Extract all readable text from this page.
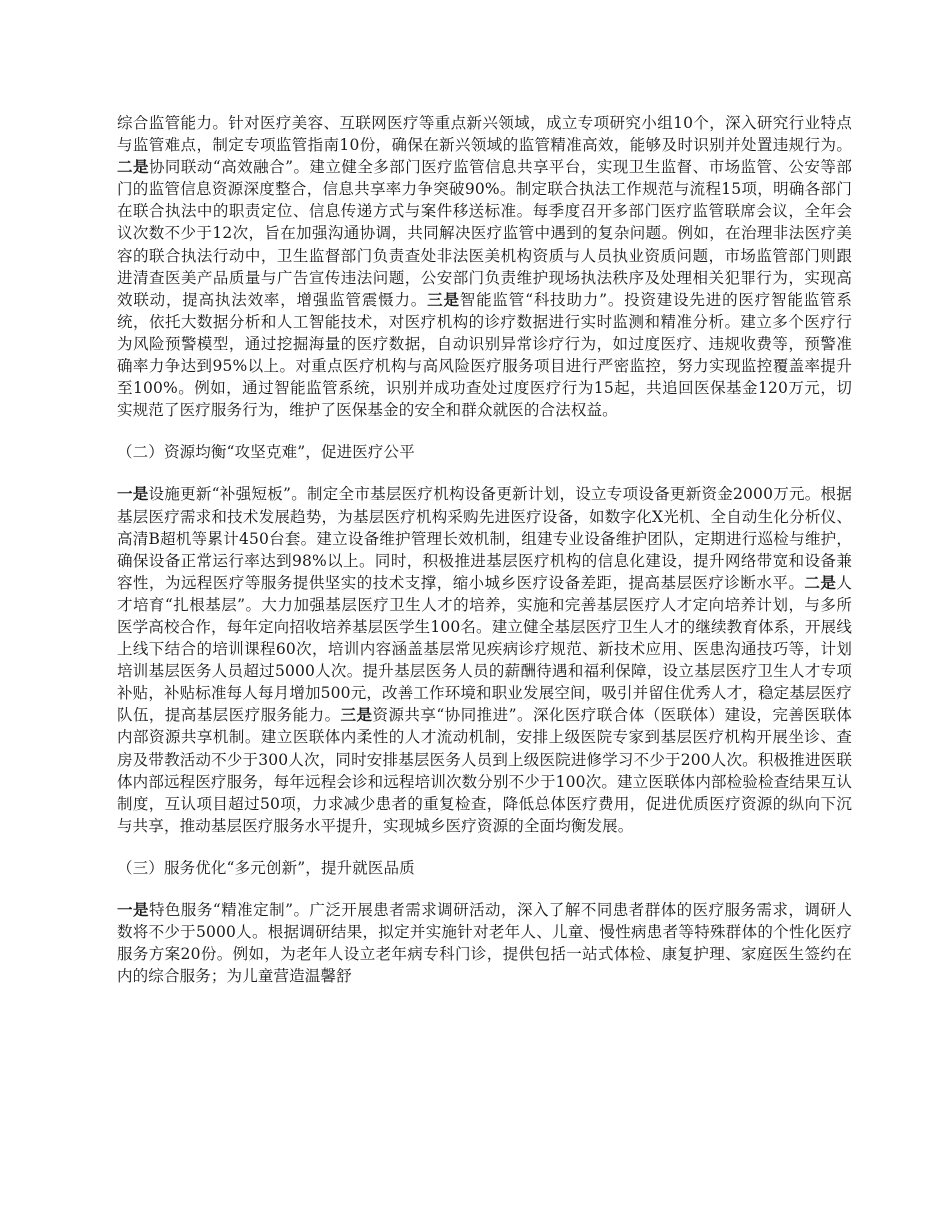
综合监管能力。针对医疗美容、互联网医疗等重点新兴领域，成立专项研究小组10个，深入研究行业特点与监管难点，制定专项监管指南10份，确保在新兴领域的监管精准高效，能够及时识别并处置违规行为。二是协同联动“高效融合”。建立健全多部门医疗监管信息共享平台，实现卫生监督、市场监管、公安等部门的监管信息资源深度整合，信息共享率力争突破90%。制定联合执法工作规范与流程15项，明确各部门在联合执法中的职责定位、信息传递方式与案件移送标准。每季度召开多部门医疗监管联席会议，全年会议次数不少于12次，旨在加强沟通协调，共同解决医疗监管中遇到的复杂问题。例如，在治理非法医疗美容的联合执法行动中，卫生监督部门负责查处非法医美机构资质与人员执业资质问题，市场监管部门则跟进清查医美产品质量与广告宣传违法问题，公安部门负责维护现场执法秩序及处理相关犯罪行为，实现高效联动，提高执法效率，增强监管震慑力。三是智能监管“科技助力”。投资建设先进的医疗智能监管系统，依托大数据分析和人工智能技术，对医疗机构的诊疗数据进行实时监测和精准分析。建立多个医疗行为风险预警模型，通过挖掘海量的医疗数据，自动识别异常诊疗行为，如过度医疗、违规收费等，预警准确率力争达到95%以上。对重点医疗机构与高风险医疗服务项目进行严密监控，努力实现监控覆盖率提升至100%。例如，通过智能监管系统，识别并成功查处过度医疗行为15起，共追回医保基金120万元，切实规范了医疗服务行为，维护了医保基金的安全和群众就医的合法权益。

（二）资源均衡“攻坚克难”，促进医疗公平

一是设施更新“补强短板”。制定全市基层医疗机构设备更新计划，设立专项设备更新资金2000万元。根据基层医疗需求和技术发展趋势，为基层医疗机构采购先进医疗设备，如数字化X光机、全自动生化分析仪、高清B超机等累计450台套。建立设备维护管理长效机制，组建专业设备维护团队，定期进行巡检与维护，确保设备正常运行率达到98%以上。同时，积极推进基层医疗机构的信息化建设，提升网络带宽和设备兼容性，为远程医疗等服务提供坚实的技术支撑，缩小城乡医疗设备差距，提高基层医疗诊断水平。二是人才培育“扎根基层”。大力加强基层医疗卫生人才的培养，实施和完善基层医疗人才定向培养计划，与多所医学高校合作，每年定向招收培养基层医学生100名。建立健全基层医疗卫生人才的继续教育体系，开展线上线下结合的培训课程60次，培训内容涵盖基层常见疾病诊疗规范、新技术应用、医患沟通技巧等，计划培训基层医务人员超过5000人次。提升基层医务人员的薪酬待遇和福利保障，设立基层医疗卫生人才专项补贴，补贴标准每人每月增加500元，改善工作环境和职业发展空间，吸引并留住优秀人才，稳定基层医疗队伍，提高基层医疗服务能力。三是资源共享“协同推进”。深化医疗联合体（医联体）建设，完善医联体内部资源共享机制。建立医联体内柔性的人才流动机制，安排上级医院专家到基层医疗机构开展坐诊、查房及带教活动不少于300人次，同时安排基层医务人员到上级医院进修学习不少于200人次。积极推进医联体内部远程医疗服务，每年远程会诊和远程培训次数分别不少于100次。建立医联体内部检验检查结果互认制度，互认项目超过50项，力求减少患者的重复检查，降低总体医疗费用，促进优质医疗资源的纵向下沉与共享，推动基层医疗服务水平提升，实现城乡医疗资源的全面均衡发展。

（三）服务优化“多元创新”，提升就医品质

一是特色服务“精准定制”。广泛开展患者需求调研活动，深入了解不同患者群体的医疗服务需求，调研人数将不少于5000人。根据调研结果，拟定并实施针对老年人、儿童、慢性病患者等特殊群体的个性化医疗服务方案20份。例如，为老年人设立老年病专科门诊，提供包括一站式体检、康复护理、家庭医生签约在内的综合服务；为儿童营造温馨舒
